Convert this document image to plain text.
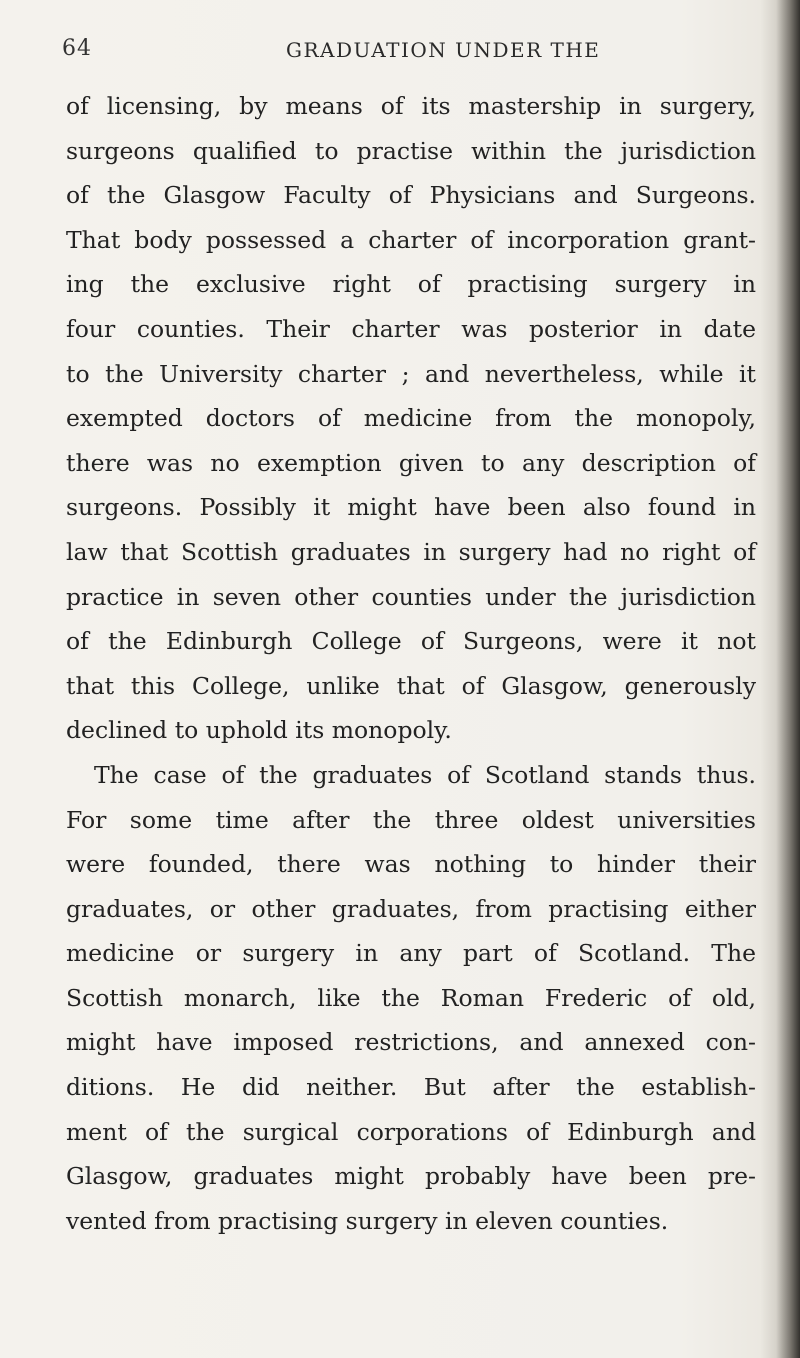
64	GRADUATION UNDER THE
of licensing, by means of its mastership in surgery,
surgeons qualified to practise within the jurisdiction
of the Glasgow Faculty of Physicians and Surgeons.
That body possessed a charter of incorporation grant-
ing the exclusive right of practising surgery in
four counties. Their charter was posterior in date
to the University charter ; and nevertheless, while it
exempted doctors of medicine from the monopoly,
there was no exemption given to any description of
surgeons. Possibly it might have been also found in
law that Scottish graduates in surgery had no right of
practice in seven other counties under the jurisdiction
of the Edinburgh College of Surgeons, were it not
that this College, unlike that of Glasgow, generously
declined to uphold its monopoly.
The case of the graduates of Scotland stands thus.
For some time after the three oldest universities
were founded, there was nothing to hinder their
graduates, or other graduates, from practising either
medicine or surgery in any part of Scotland. The
Scottish monarch, like the Roman Frederic of old,
might have imposed restrictions, and annexed con-
ditions. He did neither. But after the establish-
ment of the surgical corporations of Edinburgh and
Glasgow, graduates might probably have been pre-
vented from practising surgery in eleven counties.
